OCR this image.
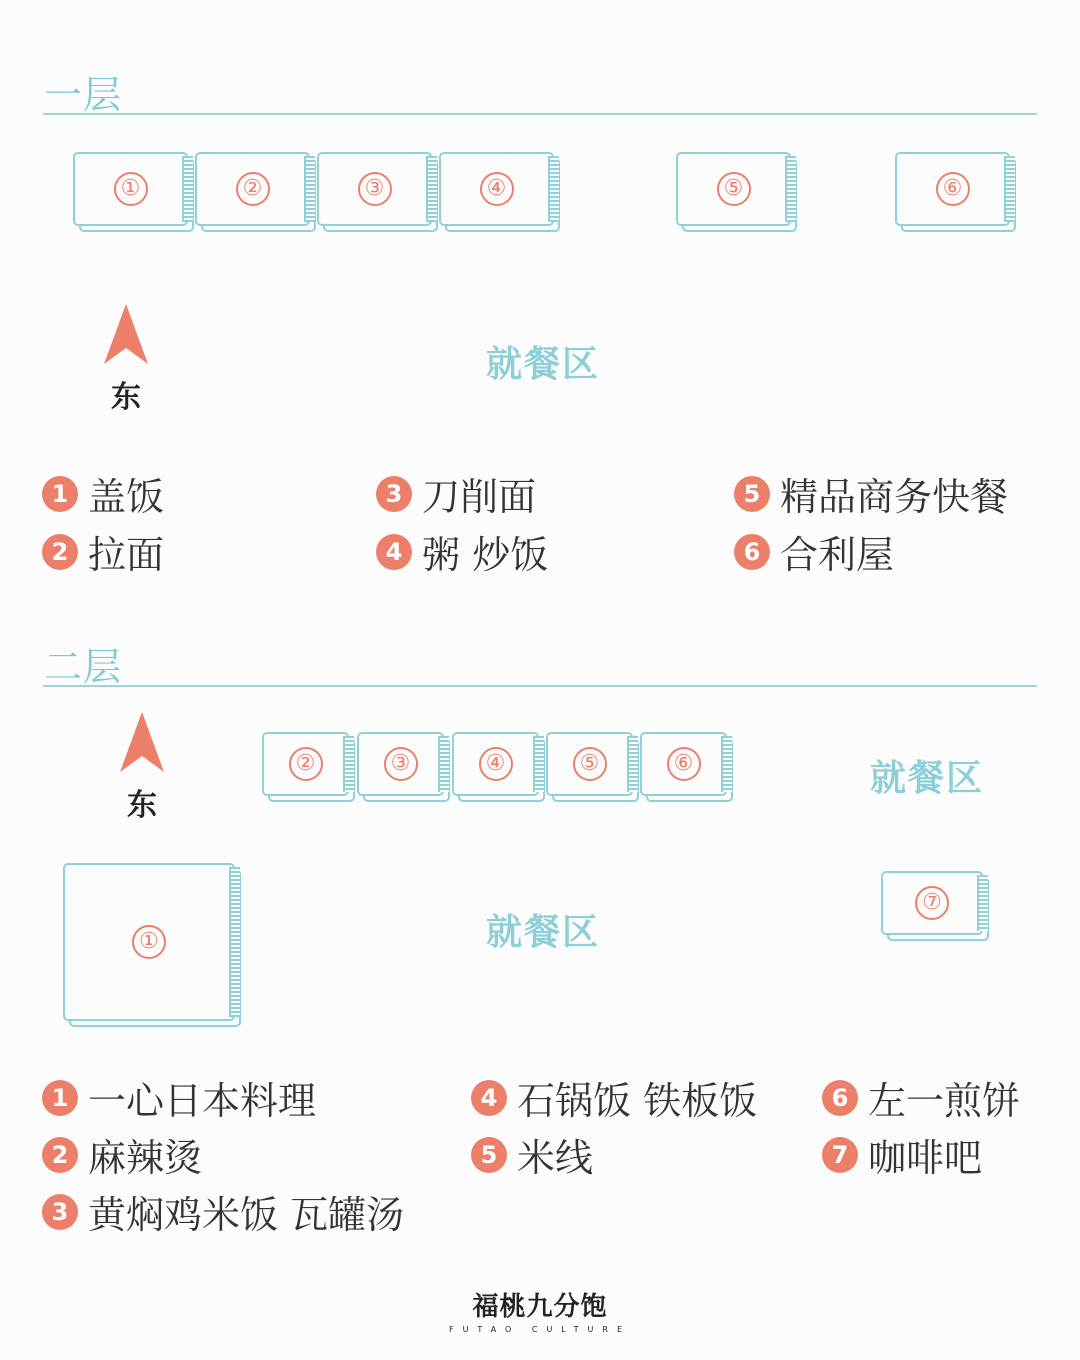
一层
①	②	③	④	⑤	⑥
东
就餐区
1 盖饭
2 拉面
3 刀削面
4 粥 炒饭
5 精品商务快餐
6 合利屋
二层
东
②	③	④	⑤	⑥	就餐区
①	就餐区
⑦
1 一心日本料理
2 麻辣烫
3 黄焖鸡米饭 瓦罐汤
4 石锅饭 铁板饭
5 米线
6 左一煎饼
7 咖啡吧
福桃九分饱
FUTAO CULTURE
